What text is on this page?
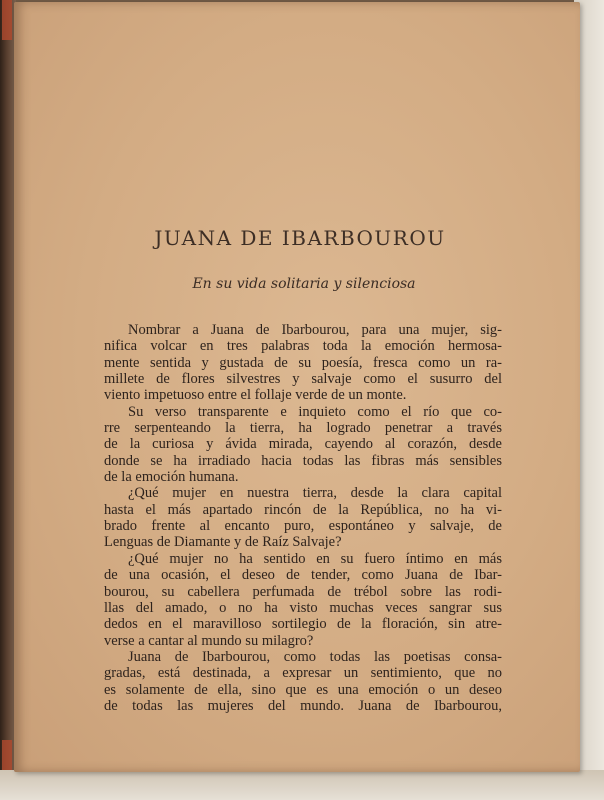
JUANA DE IBARBOUROU
En su vida solitaria y silenciosa
Nombrar a Juana de Ibarbourou, para una mujer, sig-
nifica volcar en tres palabras toda la emoción hermosa-
mente sentida y gustada de su poesía, fresca como un ra-
millete de flores silvestres y salvaje como el susurro del
viento impetuoso entre el follaje verde de un monte.
Su verso transparente e inquieto como el río que co-
rre serpenteando la tierra, ha logrado penetrar a través
de la curiosa y ávida mirada, cayendo al corazón, desde
donde se ha irradiado hacia todas las fibras más sensibles
de la emoción humana.
¿Qué mujer en nuestra tierra, desde la clara capital
hasta el más apartado rincón de la República, no ha vi-
brado frente al encanto puro, espontáneo y salvaje, de
Lenguas de Diamante y de Raíz Salvaje?
¿Qué mujer no ha sentido en su fuero íntimo en más
de una ocasión, el deseo de tender, como Juana de Ibar-
bourou, su cabellera perfumada de trébol sobre las rodi-
llas del amado, o no ha visto muchas veces sangrar sus
dedos en el maravilloso sortilegio de la floración, sin atre-
verse a cantar al mundo su milagro?
Juana de Ibarbourou, como todas las poetisas consa-
gradas, está destinada, a expresar un sentimiento, que no
es solamente de ella, sino que es una emoción o un deseo
de todas las mujeres del mundo. Juana de Ibarbourou,
